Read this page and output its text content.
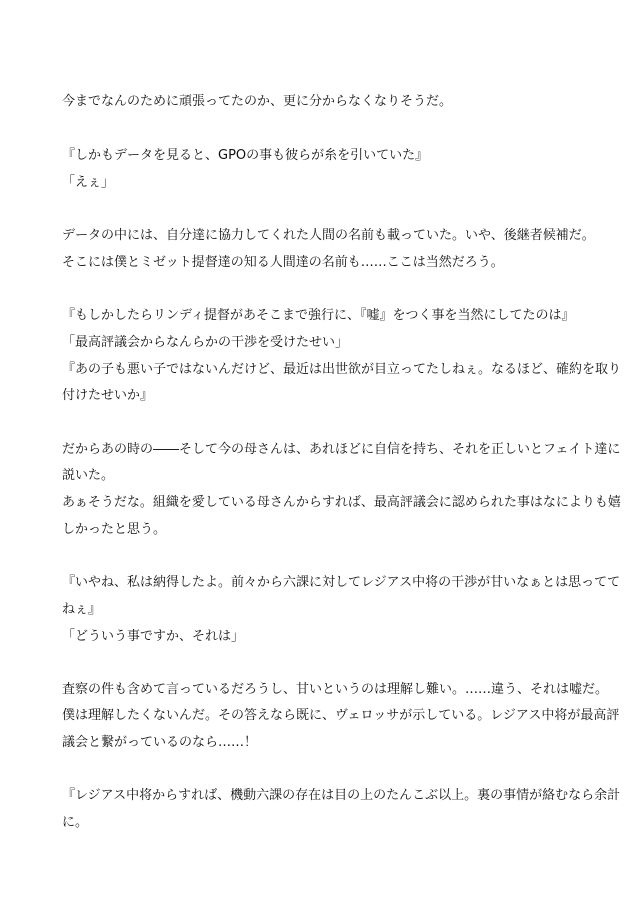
今までなんのために頑張ってたのか、更に分からなくなりそうだ。
『しかもデータを見ると、GPOの事も彼らが糸を引いていた』
「えぇ」
データの中には、自分達に協力してくれた人間の名前も載っていた。いや、後継者候補だ。
そこには僕とミゼット提督達の知る人間達の名前も……ここは当然だろう。
『もしかしたらリンディ提督があそこまで強行に、『嘘』をつく事を当然にしてたのは』
「最高評議会からなんらかの干渉を受けたせい」
『あの子も悪い子ではないんだけど、最近は出世欲が目立ってたしねぇ。なるほど、確約を取り
付けたせいか』
だからあの時の――そして今の母さんは、あれほどに自信を持ち、それを正しいとフェイト達に
説いた。
あぁそうだな。組織を愛している母さんからすれば、最高評議会に認められた事はなによりも嬉
しかったと思う。
『いやね、私は納得したよ。前々から六課に対してレジアス中将の干渉が甘いなぁとは思ってて
ねぇ』
「どういう事ですか、それは」
査察の件も含めて言っているだろうし、甘いというのは理解し難い。……違う、それは嘘だ。
僕は理解したくないんだ。その答えなら既に、ヴェロッサが示している。レジアス中将が最高評
議会と繋がっているのなら……！
『レジアス中将からすれば、機動六課の存在は目の上のたんこぶ以上。裏の事情が絡むなら余計
に。
